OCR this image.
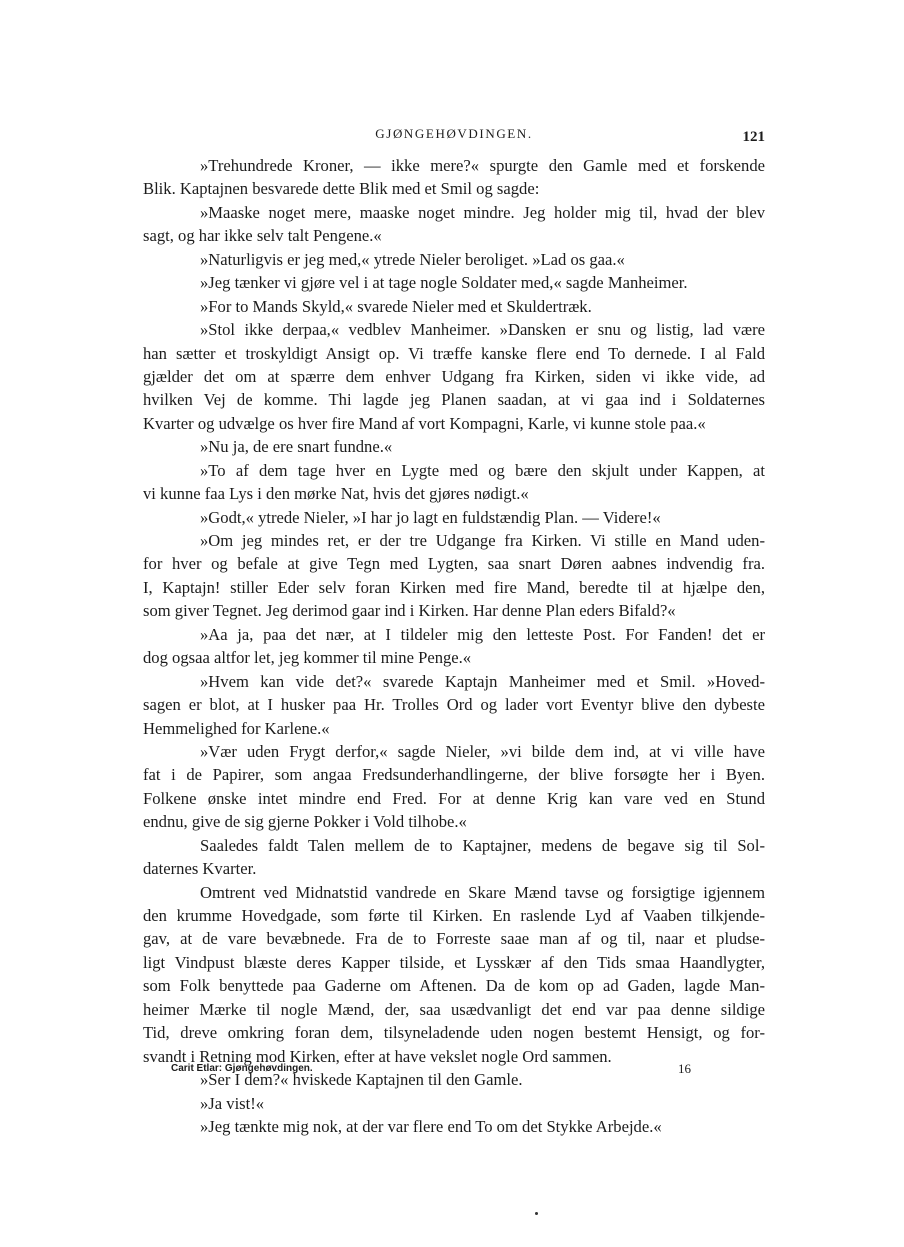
GJØNGEHØVDINGEN.	121
»Trehundrede Kroner, — ikke mere?« spurgte den Gamle med et forskende
Blik. Kaptajnen besvarede dette Blik med et Smil og sagde:
»Maaske noget mere, maaske noget mindre. Jeg holder mig til, hvad der blev
sagt, og har ikke selv talt Pengene.«
»Naturligvis er jeg med,« ytrede Nieler beroliget. »Lad os gaa.«
»Jeg tænker vi gjøre vel i at tage nogle Soldater med,« sagde Manheimer.
»For to Mands Skyld,« svarede Nieler med et Skuldertræk.
»Stol ikke derpaa,« vedblev Manheimer. »Dansken er snu og listig, lad være
han sætter et troskyldigt Ansigt op. Vi træffe kanske flere end To dernede. I al Fald
gjælder det om at spærre dem enhver Udgang fra Kirken, siden vi ikke vide, ad
hvilken Vej de komme. Thi lagde jeg Planen saadan, at vi gaa ind i Soldaternes
Kvarter og udvælge os hver fire Mand af vort Kompagni, Karle, vi kunne stole paa.«
»Nu ja, de ere snart fundne.«
»To af dem tage hver en Lygte med og bære den skjult under Kappen, at
vi kunne faa Lys i den mørke Nat, hvis det gjøres nødigt.«
»Godt,« ytrede Nieler, »I har jo lagt en fuldstændig Plan. — Videre!«
»Om jeg mindes ret, er der tre Udgange fra Kirken. Vi stille en Mand uden-
for hver og befale at give Tegn med Lygten, saa snart Døren aabnes indvendig fra.
I, Kaptajn! stiller Eder selv foran Kirken med fire Mand, beredte til at hjælpe den,
som giver Tegnet. Jeg derimod gaar ind i Kirken. Har denne Plan eders Bifald?«
»Aa ja, paa det nær, at I tildeler mig den letteste Post. For Fanden! det er
dog ogsaa altfor let, jeg kommer til mine Penge.«
»Hvem kan vide det?« svarede Kaptajn Manheimer med et Smil. »Hoved-
sagen er blot, at I husker paa Hr. Trolles Ord og lader vort Eventyr blive den dybeste
Hemmelighed for Karlene.«
»Vær uden Frygt derfor,« sagde Nieler, »vi bilde dem ind, at vi ville have
fat i de Papirer, som angaa Fredsunderhandlingerne, der blive forsøgte her i Byen.
Folkene ønske intet mindre end Fred. For at denne Krig kan vare ved en Stund
endnu, give de sig gjerne Pokker i Vold tilhobe.«
Saaledes faldt Talen mellem de to Kaptajner, medens de begave sig til Sol-
daternes Kvarter.
Omtrent ved Midnatstid vandrede en Skare Mænd tavse og forsigtige igjennem
den krumme Hovedgade, som førte til Kirken. En raslende Lyd af Vaaben tilkjende-
gav, at de vare bevæbnede. Fra de to Forreste saae man af og til, naar et pludse-
ligt Vindpust blæste deres Kapper tilside, et Lysskær af den Tids smaa Haandlygter,
som Folk benyttede paa Gaderne om Aftenen. Da de kom op ad Gaden, lagde Man-
heimer Mærke til nogle Mænd, der, saa usædvanligt det end var paa denne sildige
Tid, dreve omkring foran dem, tilsyneladende uden nogen bestemt Hensigt, og for-
svandt i Retning mod Kirken, efter at have vekslet nogle Ord sammen.
»Ser I dem?« hviskede Kaptajnen til den Gamle.
»Ja vist!«
»Jeg tænkte mig nok, at der var flere end To om det Stykke Arbejde.«
Carit Etlar: Gjøngehøvdingen.	16
